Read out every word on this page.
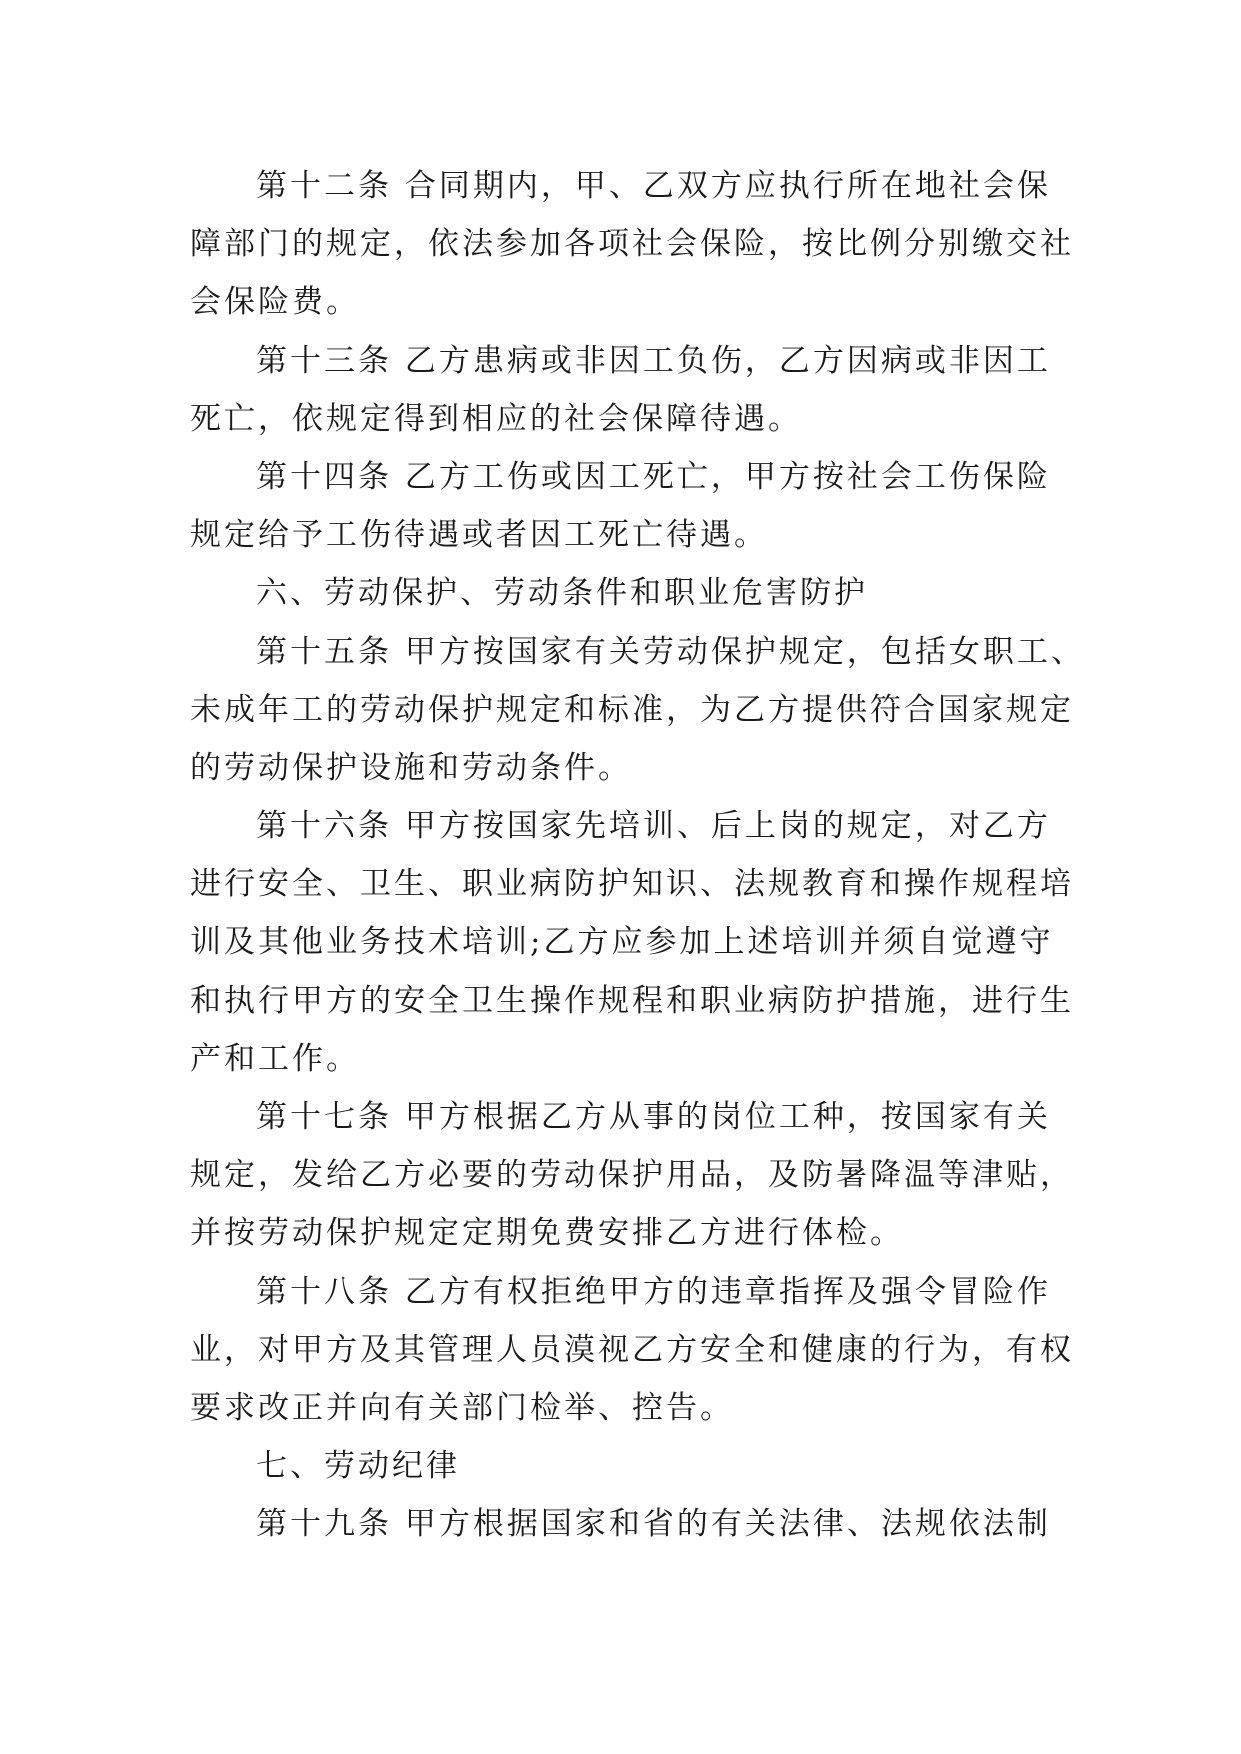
第十二条 合同期内，甲、乙双方应执行所在地社会保
障部门的规定，依法参加各项社会保险，按比例分别缴交社
会保险费。
第十三条 乙方患病或非因工负伤，乙方因病或非因工
死亡，依规定得到相应的社会保障待遇。
第十四条 乙方工伤或因工死亡，甲方按社会工伤保险
规定给予工伤待遇或者因工死亡待遇。
六、劳动保护、劳动条件和职业危害防护
第十五条 甲方按国家有关劳动保护规定，包括女职工、
未成年工的劳动保护规定和标准，为乙方提供符合国家规定
的劳动保护设施和劳动条件。
第十六条 甲方按国家先培训、后上岗的规定，对乙方
进行安全、卫生、职业病防护知识、法规教育和操作规程培
训及其他业务技术培训;乙方应参加上述培训并须自觉遵守
和执行甲方的安全卫生操作规程和职业病防护措施，进行生
产和工作。
第十七条 甲方根据乙方从事的岗位工种，按国家有关
规定，发给乙方必要的劳动保护用品，及防暑降温等津贴，
并按劳动保护规定定期免费安排乙方进行体检。
第十八条 乙方有权拒绝甲方的违章指挥及强令冒险作
业，对甲方及其管理人员漠视乙方安全和健康的行为，有权
要求改正并向有关部门检举、控告。
七、劳动纪律
第十九条 甲方根据国家和省的有关法律、法规依法制
